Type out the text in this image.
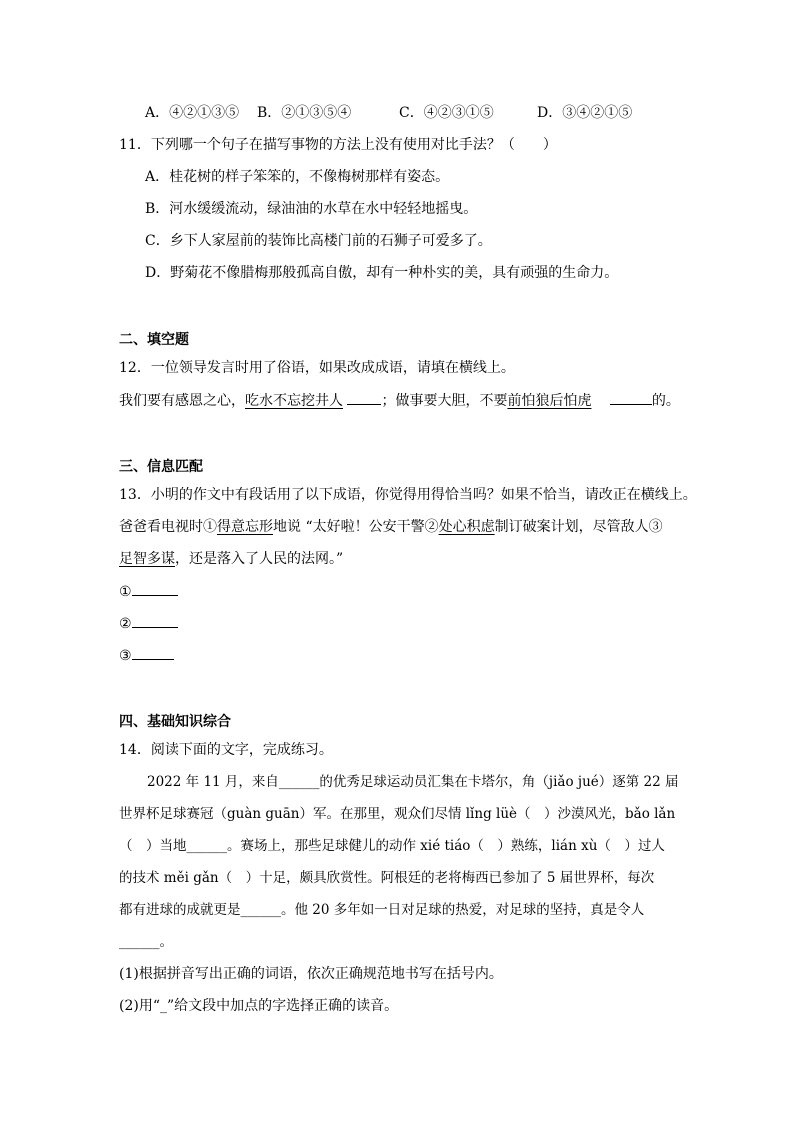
A．④②①③⑤ B．②①③⑤④	C．④②③①⑤	D．③④②①⑤
11．下列哪一个句子在描写事物的方法上没有使用对比手法？（　　）
A．桂花树的样子笨笨的，不像梅树那样有姿态。
B．河水缓缓流动，绿油油的水草在水中轻轻地摇曳。
C．乡下人家屋前的装饰比高楼门前的石狮子可爱多了。
D．野菊花不像腊梅那般孤高自傲，却有一种朴实的美，具有顽强的生命力。
二、填空题
12．一位领导发言时用了俗语，如果改成成语，请填在横线上。
我们要有感恩之心，吃水不忘挖井人	；做事要大胆，不要前怕狼后怕虎	的。
三、信息匹配
13．小明的作文中有段话用了以下成语，你觉得用得恰当吗？如果不恰当，请改正在横线上。
爸爸看电视时①得意忘形地说 “太好啦！公安干警②处心积虑制订破案计划，尽管敌人③
足智多谋，还是落入了人民的法网。”
①
②
③
四、基础知识综合
14．阅读下面的文字，完成练习。
2022 年 11 月，来自______的优秀足球运动员汇集在卡塔尔，角（jiǎo jué）逐第 22 届
世界杯足球赛冠（guàn guān）军。在那里，观众们尽情 lǐng lüè（　）沙漠风光，bǎo lǎn
（　）当地______。赛场上，那些足球健儿的动作 xié tiáo（　）熟练，lián xù（　）过人
的技术 měi gǎn（　）十足，颇具欣赏性。阿根廷的老将梅西已参加了 5 届世界杯，每次
都有进球的成就更是______。他 20 多年如一日对足球的热爱，对足球的坚持，真是令人
______。
(1)根据拼音写出正确的词语，依次正确规范地书写在括号内。
(2)用“_”给文段中加点的字选择正确的读音。
